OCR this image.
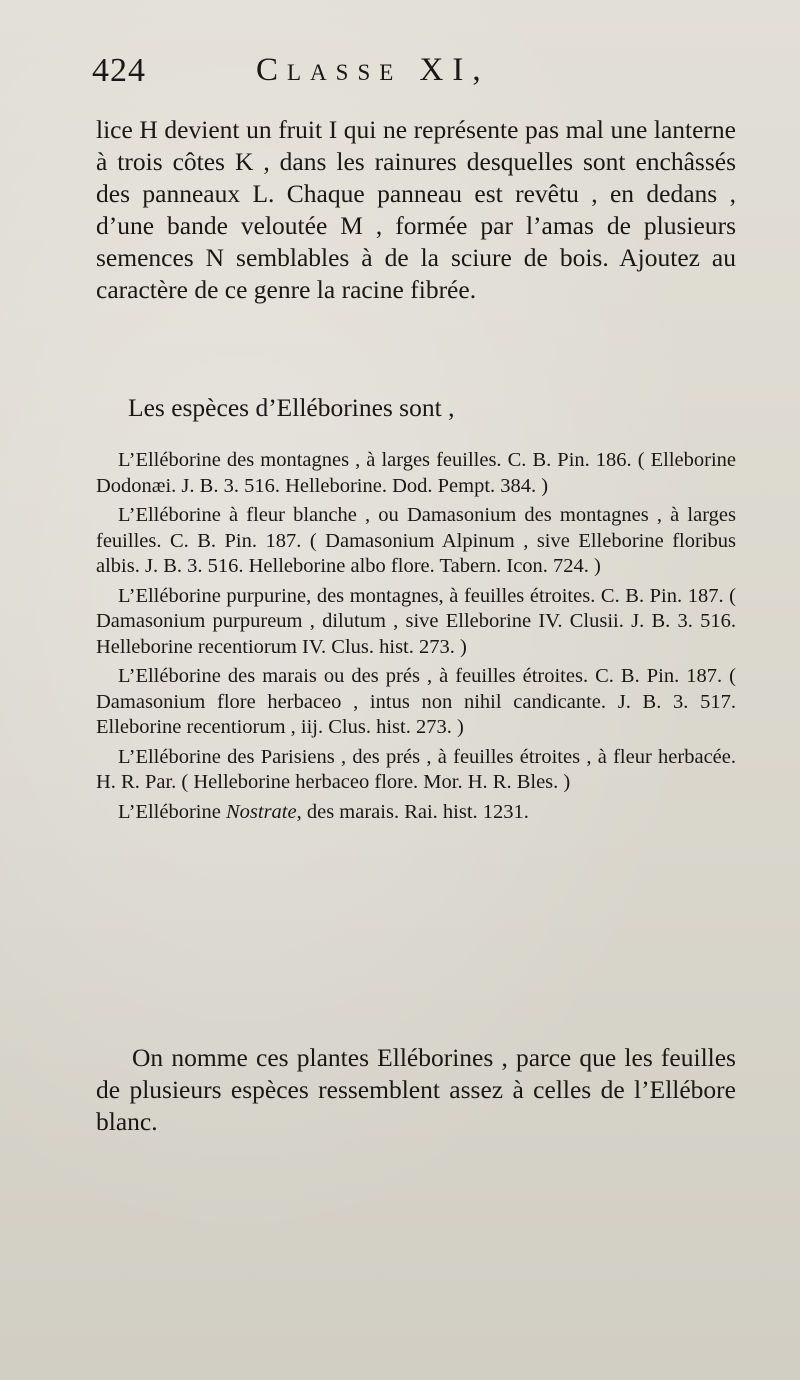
424	Classe XI,

lice H devient un fruit I qui ne représente pas mal une lanterne à trois côtes K , dans les rainures desquelles sont enchâssés des panneaux L. Chaque panneau est revêtu , en dedans , d’une bande veloutée M , formée par l’amas de plusieurs semences N semblables à de la sciure de bois. Ajoutez au caractère de ce genre la racine fibrée.

Les espèces d’Elléborines sont ,

L’Elléborine des montagnes , à larges feuilles. C. B. Pin. 186. ( Elleborine Dodonæi. J. B. 3. 516. Helleborine. Dod. Pempt. 384. )

L’Elléborine à fleur blanche , ou Damasonium des montagnes , à larges feuilles. C. B. Pin. 187. ( Damasonium Alpinum , sive Elleborine floribus albis. J. B. 3. 516. Helleborine albo flore. Tabern. Icon. 724. )

L’Elléborine purpurine, des montagnes, à feuilles étroites. C. B. Pin. 187. ( Damasonium purpureum , dilutum , sive Elleborine IV. Clusii. J. B. 3. 516. Helleborine recentiorum IV. Clus. hist. 273. )

L’Elléborine des marais ou des prés , à feuilles étroites. C. B. Pin. 187. ( Damasonium flore herbaceo , intus non nihil candicante. J. B. 3. 517. Elleborine recentiorum , iij. Clus. hist. 273. )

L’Elléborine des Parisiens , des prés , à feuilles étroites , à fleur herbacée. H. R. Par. ( Helleborine herbaceo flore. Mor. H. R. Bles. )

L’Elléborine Nostrate, des marais. Rai. hist. 1231.

On nomme ces plantes Elléborines , parce que les feuilles de plusieurs espèces ressemblent assez à celles de l’Ellébore blanc.
